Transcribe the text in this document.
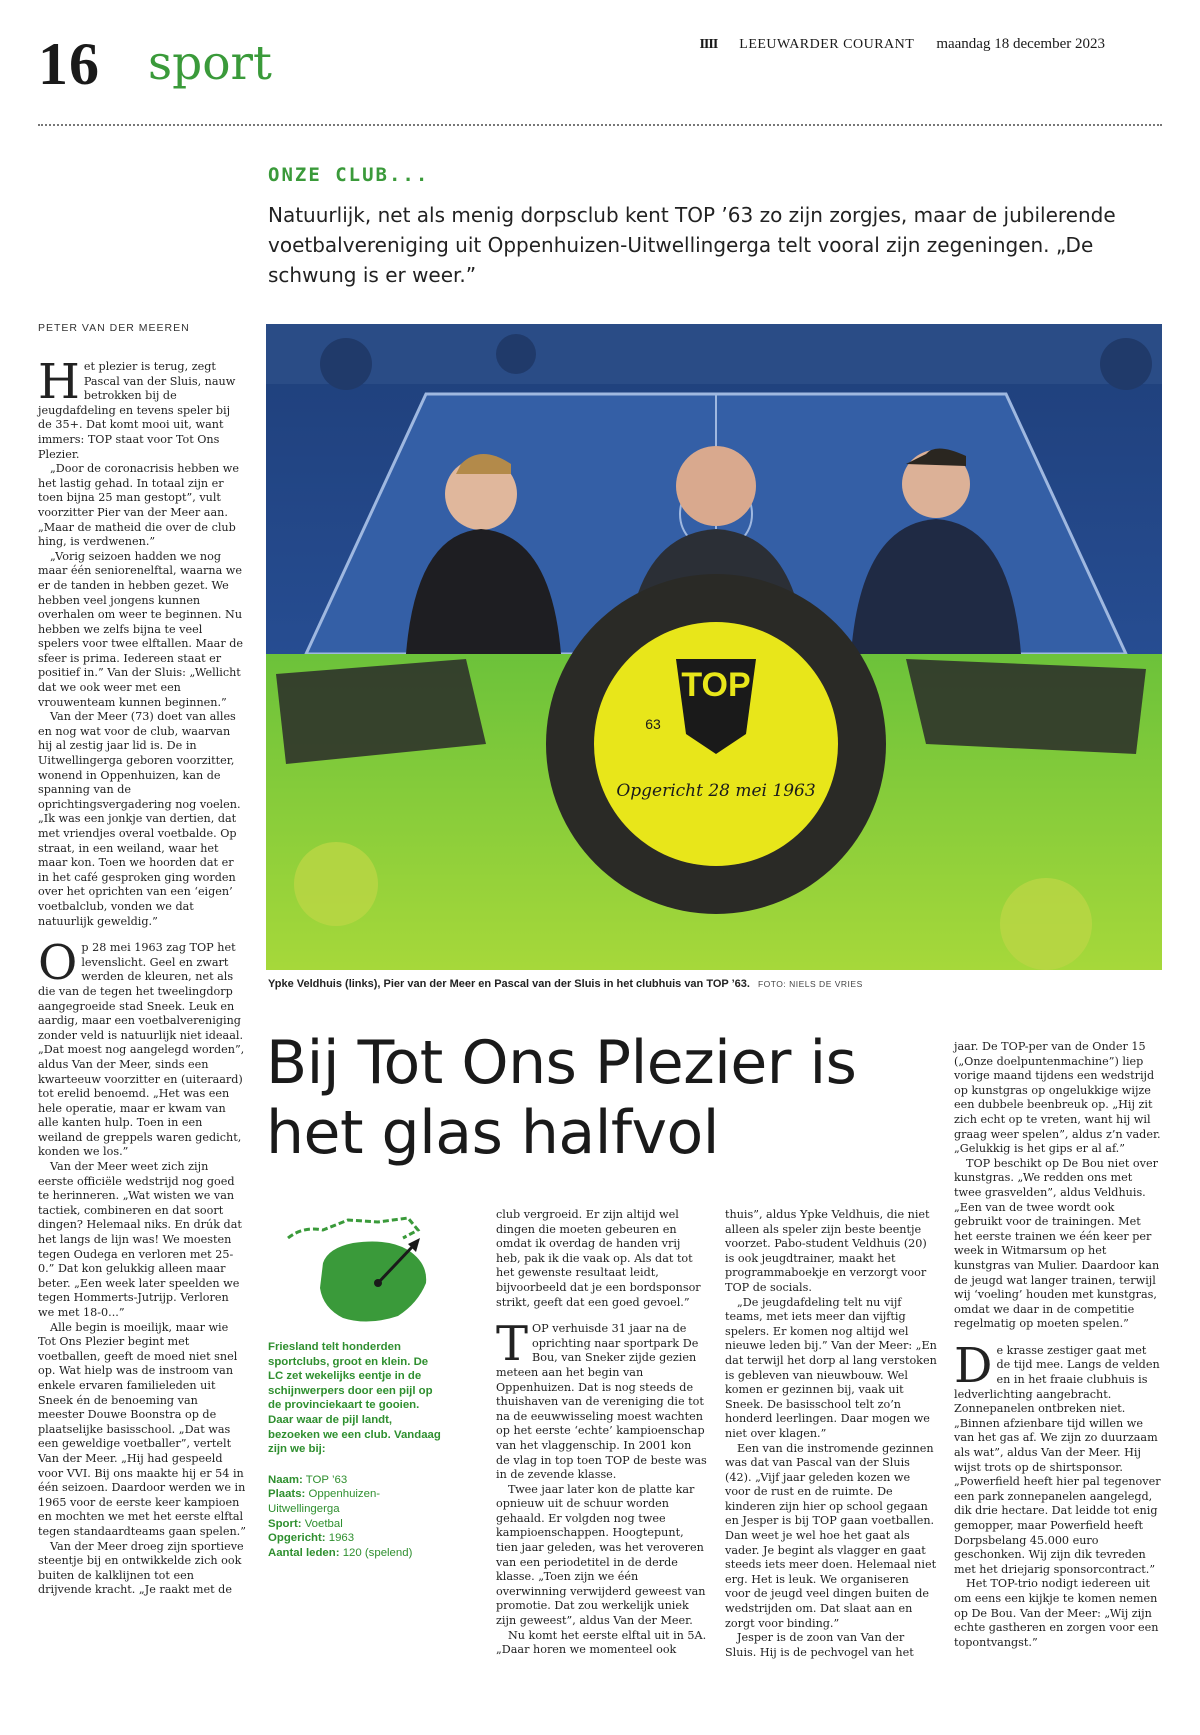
16 sport	IIII LEEUWARDER COURANT maandag 18 december 2023
ONZE CLUB...
Natuurlijk, net als menig dorpsclub kent TOP ’63 zo zijn zorgjes, maar de jubilerende voetbalvereniging uit Oppenhuizen-Uitwellingerga telt vooral zijn zegeningen. „De schwung is er weer.”
PETER VAN DER MEEREN

Het plezier is terug, zegt Pascal van der Sluis, nauw betrokken bij de jeugdafdeling en tevens speler bij de 35+. Dat komt mooi uit, want immers: TOP staat voor Tot Ons Plezier.

„Door de coronacrisis hebben we het lastig gehad. In totaal zijn er toen bijna 25 man gestopt”, vult voorzitter Pier van der Meer aan. „Maar de matheid die over de club hing, is verdwenen.”

„Vorig seizoen hadden we nog maar één seniorenelftal, waarna we er de tanden in hebben gezet. We hebben veel jongens kunnen overhalen om weer te beginnen. Nu hebben we zelfs bijna te veel spelers voor twee elftallen. Maar de sfeer is prima. Iedereen staat er positief in.” Van der Sluis: „Wellicht dat we ook weer met een vrouwenteam kunnen beginnen.”

Van der Meer (73) doet van alles en nog wat voor de club, waarvan hij al zestig jaar lid is. De in Uitwellingerga geboren voorzitter, wonend in Oppenhuizen, kan de spanning van de oprichtingsvergadering nog voelen. „Ik was een jonkje van dertien, dat met vriendjes overal voetbalde. Op straat, in een weiland, waar het maar kon. Toen we hoorden dat er in het café gesproken ging worden over het oprichten van een ‘eigen’ voetbalclub, vonden we dat natuurlijk geweldig.”

Op 28 mei 1963 zag TOP het levenslicht. Geel en zwart werden de kleuren, net als die van de tegen het tweelingdorp aangegroeide stad Sneek. Leuk en aardig, maar een voetbalvereniging zonder veld is natuurlijk niet ideaal. „Dat moest nog aangelegd worden”, aldus Van der Meer, sinds een kwarteeuw voorzitter en (uiteraard) tot erelid benoemd. „Het was een hele operatie, maar er kwam van alle kanten hulp. Toen in een weiland de greppels waren gedicht, konden we los.”

Van der Meer weet zich zijn eerste officiële wedstrijd nog goed te herinneren. „Wat wisten we van tactiek, combineren en dat soort dingen? Helemaal niks. En drúk dat het langs de lijn was! We moesten tegen Oudega en verloren met 25-0.” Dat kon gelukkig alleen maar beter. „Een week later speelden we tegen Hommerts-Jutrijp. Verloren we met 18-0...”

Alle begin is moeilijk, maar wie Tot Ons Plezier begint met voetballen, geeft de moed niet snel op. Wat hielp was de instroom van enkele ervaren familieleden uit Sneek én de benoeming van meester Douwe Boonstra op de plaatselijke basisschool. „Dat was een geweldige voetballer”, vertelt Van der Meer. „Hij had gespeeld voor VVI. Bij ons maakte hij er 54 in één seizoen. Daardoor werden we in 1965 voor de eerste keer kampioen en mochten we met het eerste elftal tegen standaardteams gaan spelen.”

Van der Meer droeg zijn sportieve steentje bij en ontwikkelde zich ook buiten de kalklijnen tot een drijvende kracht. „Je raakt met de

TOP
63
Opgericht 28 mei 1963
Ypke Veldhuis (links), Pier van der Meer en Pascal van der Sluis in het clubhuis van TOP ’63. FOTO: NIELS DE VRIES
Bij Tot Ons Plezier is het glas halfvol
Friesland telt honderden sportclubs, groot en klein. De LC zet wekelijks eentje in de schijnwerpers door een pijl op de provinciekaart te gooien. Daar waar de pijl landt, bezoeken we een club. Vandaag zijn we bij:
Naam: TOP ’63
Plaats: Oppenhuizen-Uitwellingerga
Sport: Voetbal
Opgericht: 1963
Aantal leden: 120 (spelend)

club vergroeid. Er zijn altijd wel dingen die moeten gebeuren en omdat ik overdag de handen vrij heb, pak ik die vaak op. Als dat tot het gewenste resultaat leidt, bijvoorbeeld dat je een bordsponsor strikt, geeft dat een goed gevoel.”

TOP verhuisde 31 jaar na de oprichting naar sportpark De Bou, van Sneker zijde gezien meteen aan het begin van Oppenhuizen. Dat is nog steeds de thuishaven van de vereniging die tot na de eeuwwisseling moest wachten op het eerste ‘echte’ kampioenschap van het vlaggenschip. In 2001 kon de vlag in top toen TOP de beste was in de zevende klasse.

Twee jaar later kon de platte kar opnieuw uit de schuur worden gehaald. Er volgden nog twee kampioenschappen. Hoogtepunt, tien jaar geleden, was het veroveren van een periodetitel in de derde klasse. „Toen zijn we één overwinning verwijderd geweest van promotie. Dat zou werkelijk uniek zijn geweest”, aldus Van der Meer.

Nu komt het eerste elftal uit in 5A. „Daar horen we momenteel ook

thuis”, aldus Ypke Veldhuis, die niet alleen als speler zijn beste beentje voorzet. Pabo-student Veldhuis (20) is ook jeugdtrainer, maakt het programmaboekje en verzorgt voor TOP de socials.

„De jeugdafdeling telt nu vijf teams, met iets meer dan vijftig spelers. Er komen nog altijd wel nieuwe leden bij.” Van der Meer: „En dat terwijl het dorp al lang verstoken is gebleven van nieuwbouw. Wel komen er gezinnen bij, vaak uit Sneek. De basisschool telt zo’n honderd leerlingen. Daar mogen we niet over klagen.”

Een van die instromende gezinnen was dat van Pascal van der Sluis (42). „Vijf jaar geleden kozen we voor de rust en de ruimte. De kinderen zijn hier op school gegaan en Jesper is bij TOP gaan voetballen. Dan weet je wel hoe het gaat als vader. Je begint als vlagger en gaat steeds iets meer doen. Helemaal niet erg. Het is leuk. We organiseren voor de jeugd veel dingen buiten de wedstrijden om. Dat slaat aan en zorgt voor binding.”

Jesper is de zoon van Van der Sluis. Hij is de pechvogel van het

jaar. De TOP-per van de Onder 15 („Onze doelpuntenmachine”) liep vorige maand tijdens een wedstrijd op kunstgras op ongelukkige wijze een dubbele beenbreuk op. „Hij zit zich echt op te vreten, want hij wil graag weer spelen”, aldus z’n vader. „Gelukkig is het gips er al af.”

TOP beschikt op De Bou niet over kunstgras. „We redden ons met twee grasvelden”, aldus Veldhuis. „Een van de twee wordt ook gebruikt voor de trainingen. Met het eerste trainen we één keer per week in Witmarsum op het kunstgras van Mulier. Daardoor kan de jeugd wat langer trainen, terwijl wij ‘voeling’ houden met kunstgras, omdat we daar in de competitie regelmatig op moeten spelen.”

De krasse zestiger gaat met de tijd mee. Langs de velden en in het fraaie clubhuis is ledverlichting aangebracht. Zonnepanelen ontbreken niet. „Binnen afzienbare tijd willen we van het gas af. We zijn zo duurzaam als wat”, aldus Van der Meer. Hij wijst trots op de shirtsponsor. „Powerfield heeft hier pal tegenover een park zonnepanelen aangelegd, dik drie hectare. Dat leidde tot enig gemopper, maar Powerfield heeft Dorpsbelang 45.000 euro geschonken. Wij zijn dik tevreden met het driejarig sponsorcontract.”

Het TOP-trio nodigt iedereen uit om eens een kijkje te komen nemen op De Bou. Van der Meer: „Wij zijn echte gastheren en zorgen voor een topontvangst.”
